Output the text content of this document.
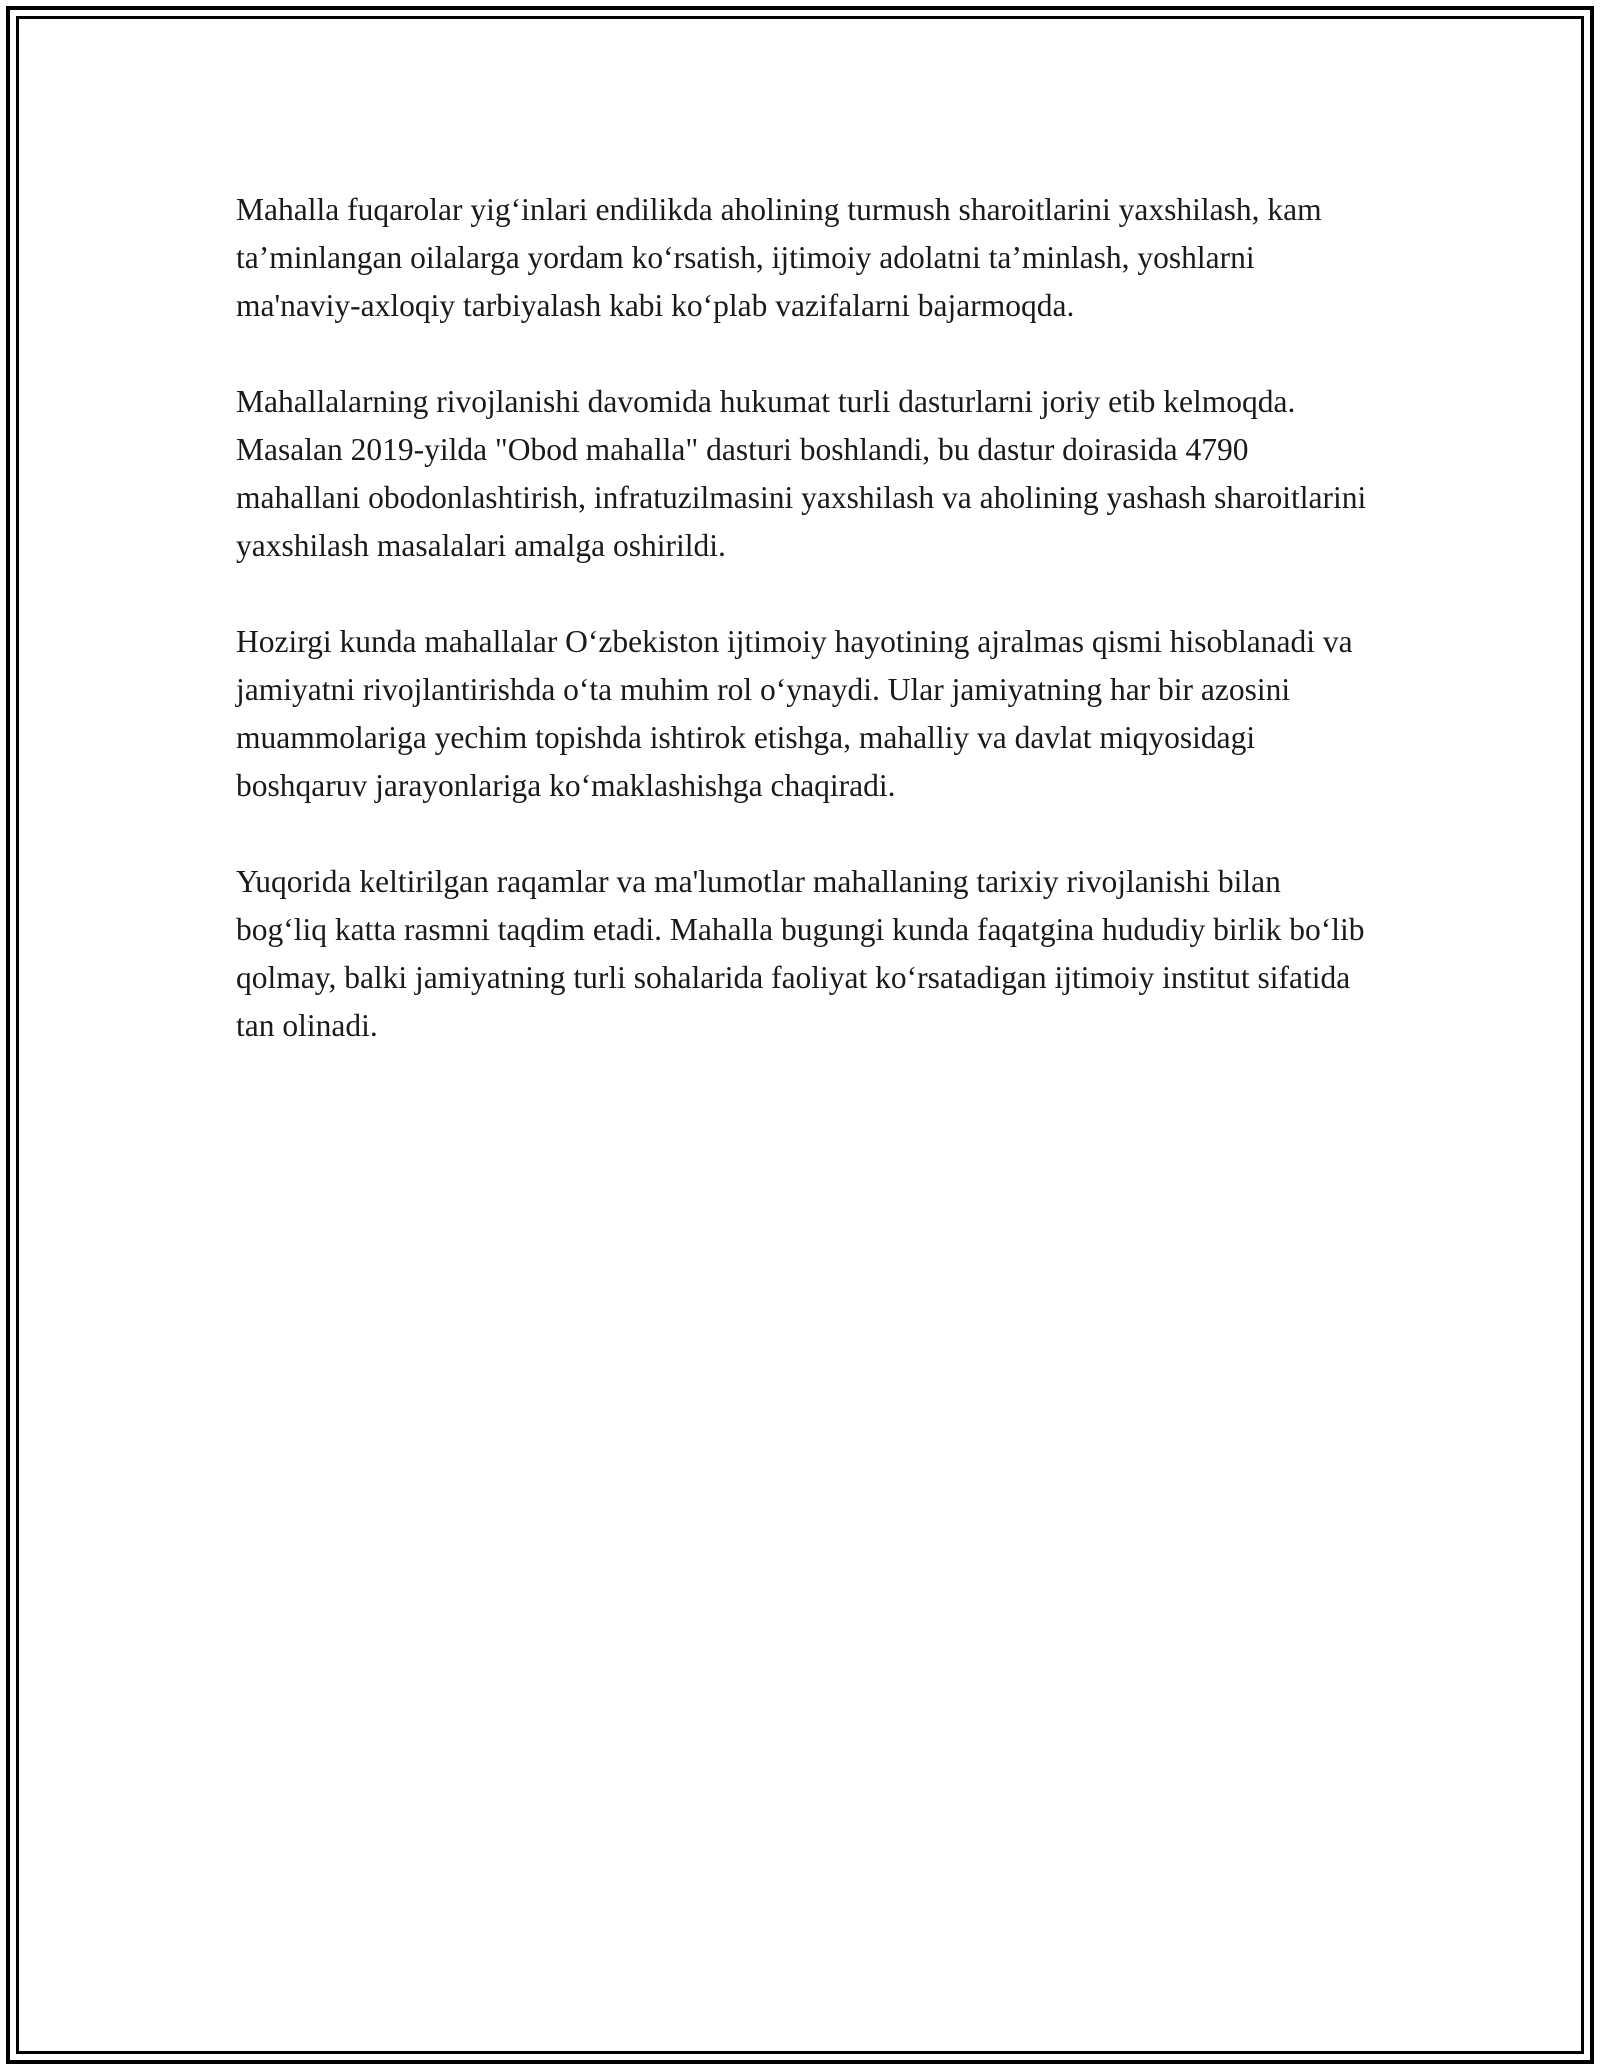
Mahalla fuqarolar yig‘inlari endilikda aholining turmush sharoitlarini yaxshilash, kam ta’minlangan oilalarga yordam ko‘rsatish, ijtimoiy adolatni ta’minlash, yoshlarni ma'naviy-axloqiy tarbiyalash kabi ko‘plab vazifalarni bajarmoqda.

Mahallalarning rivojlanishi davomida hukumat turli dasturlarni joriy etib kelmoqda. Masalan 2019-yilda "Obod mahalla" dasturi boshlandi, bu dastur doirasida 4790 mahallani obodonlashtirish, infratuzilmasini yaxshilash va aholining yashash sharoitlarini yaxshilash masalalari amalga oshirildi.

Hozirgi kunda mahallalar O‘zbekiston ijtimoiy hayotining ajralmas qismi hisoblanadi va jamiyatni rivojlantirishda o‘ta muhim rol o‘ynaydi. Ular jamiyatning har bir azosini muammolariga yechim topishda ishtirok etishga, mahalliy va davlat miqyosidagi boshqaruv jarayonlariga ko‘maklashishga chaqiradi.

Yuqorida keltirilgan raqamlar va ma'lumotlar mahallaning tarixiy rivojlanishi bilan bog‘liq katta rasmni taqdim etadi. Mahalla bugungi kunda faqatgina hududiy birlik bo‘lib qolmay, balki jamiyatning turli sohalarida faoliyat ko‘rsatadigan ijtimoiy institut sifatida tan olinadi.
